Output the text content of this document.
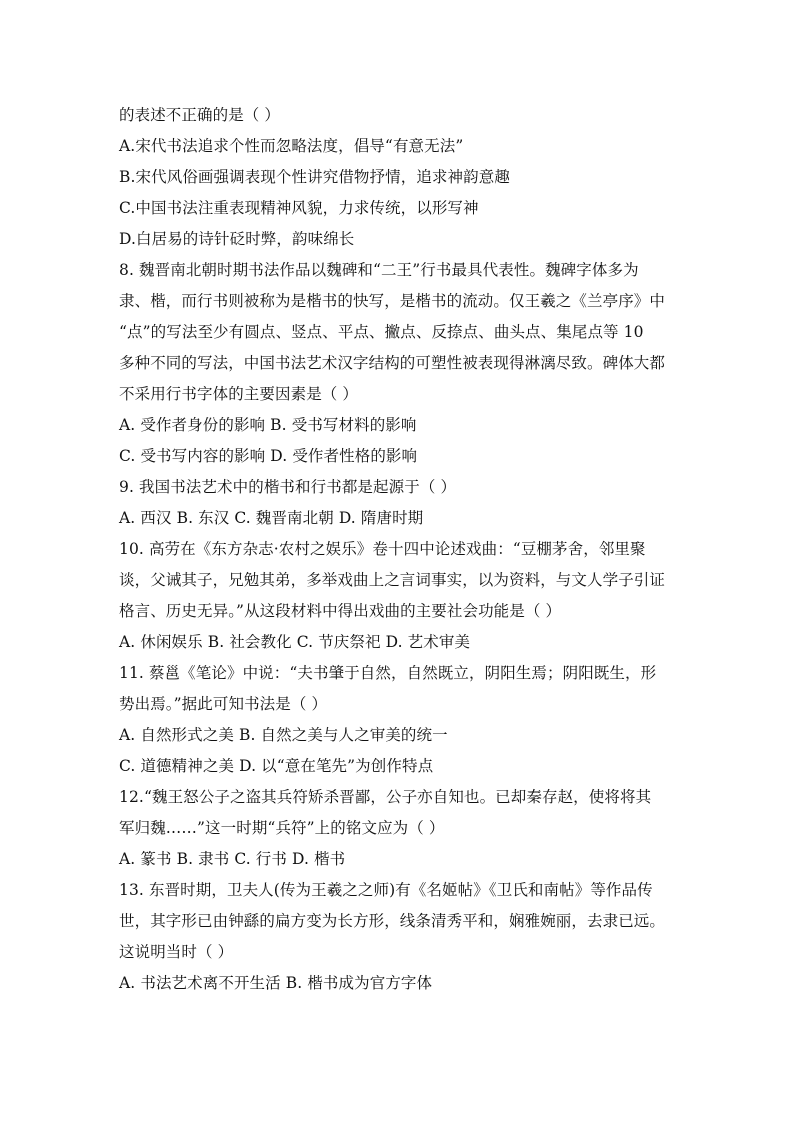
的表述不正确的是（ ）
A.宋代书法追求个性而忽略法度，倡导“有意无法”
B.宋代风俗画强调表现个性讲究借物抒情，追求神韵意趣
C.中国书法注重表现精神风貌，力求传统，以形写神
D.白居易的诗针砭时弊，韵味绵长
8. 魏晋南北朝时期书法作品以魏碑和“二王”行书最具代表性。魏碑字体多为
隶、楷，而行书则被称为是楷书的快写，是楷书的流动。仅王羲之《兰亭序》中
“点”的写法至少有圆点、竖点、平点、撇点、反捺点、曲头点、集尾点等 10
多种不同的写法，中国书法艺术汉字结构的可塑性被表现得淋漓尽致。碑体大都
不采用行书字体的主要因素是（ ）
A. 受作者身份的影响 B. 受书写材料的影响
C. 受书写内容的影响 D. 受作者性格的影响
9. 我国书法艺术中的楷书和行书都是起源于（ ）
A. 西汉 B. 东汉 C. 魏晋南北朝 D. 隋唐时期
10. 高劳在《东方杂志·农村之娱乐》卷十四中论述戏曲：“豆棚茅舍，邻里聚
谈，父诫其子，兄勉其弟，多举戏曲上之言词事实，以为资料，与文人学子引证
格言、历史无异。”从这段材料中得出戏曲的主要社会功能是（ ）
A. 休闲娱乐 B. 社会教化 C. 节庆祭祀 D. 艺术审美
11. 蔡邕《笔论》中说：“夫书肇于自然，自然既立，阴阳生焉；阴阳既生，形
势出焉。”据此可知书法是（ ）
A. 自然形式之美 B. 自然之美与人之审美的统一
C. 道德精神之美 D. 以“意在笔先”为创作特点
12.“魏王怒公子之盗其兵符矫杀晋鄙，公子亦自知也。已却秦存赵，使将将其
军归魏……”这一时期“兵符”上的铭文应为（ ）
A. 篆书 B. 隶书 C. 行书 D. 楷书
13. 东晋时期，卫夫人(传为王羲之之师)有《名姬帖》《卫氏和南帖》等作品传
世，其字形已由钟繇的扁方变为长方形，线条清秀平和，娴雅婉丽，去隶已远。
这说明当时（ ）
A. 书法艺术离不开生活 B. 楷书成为官方字体
